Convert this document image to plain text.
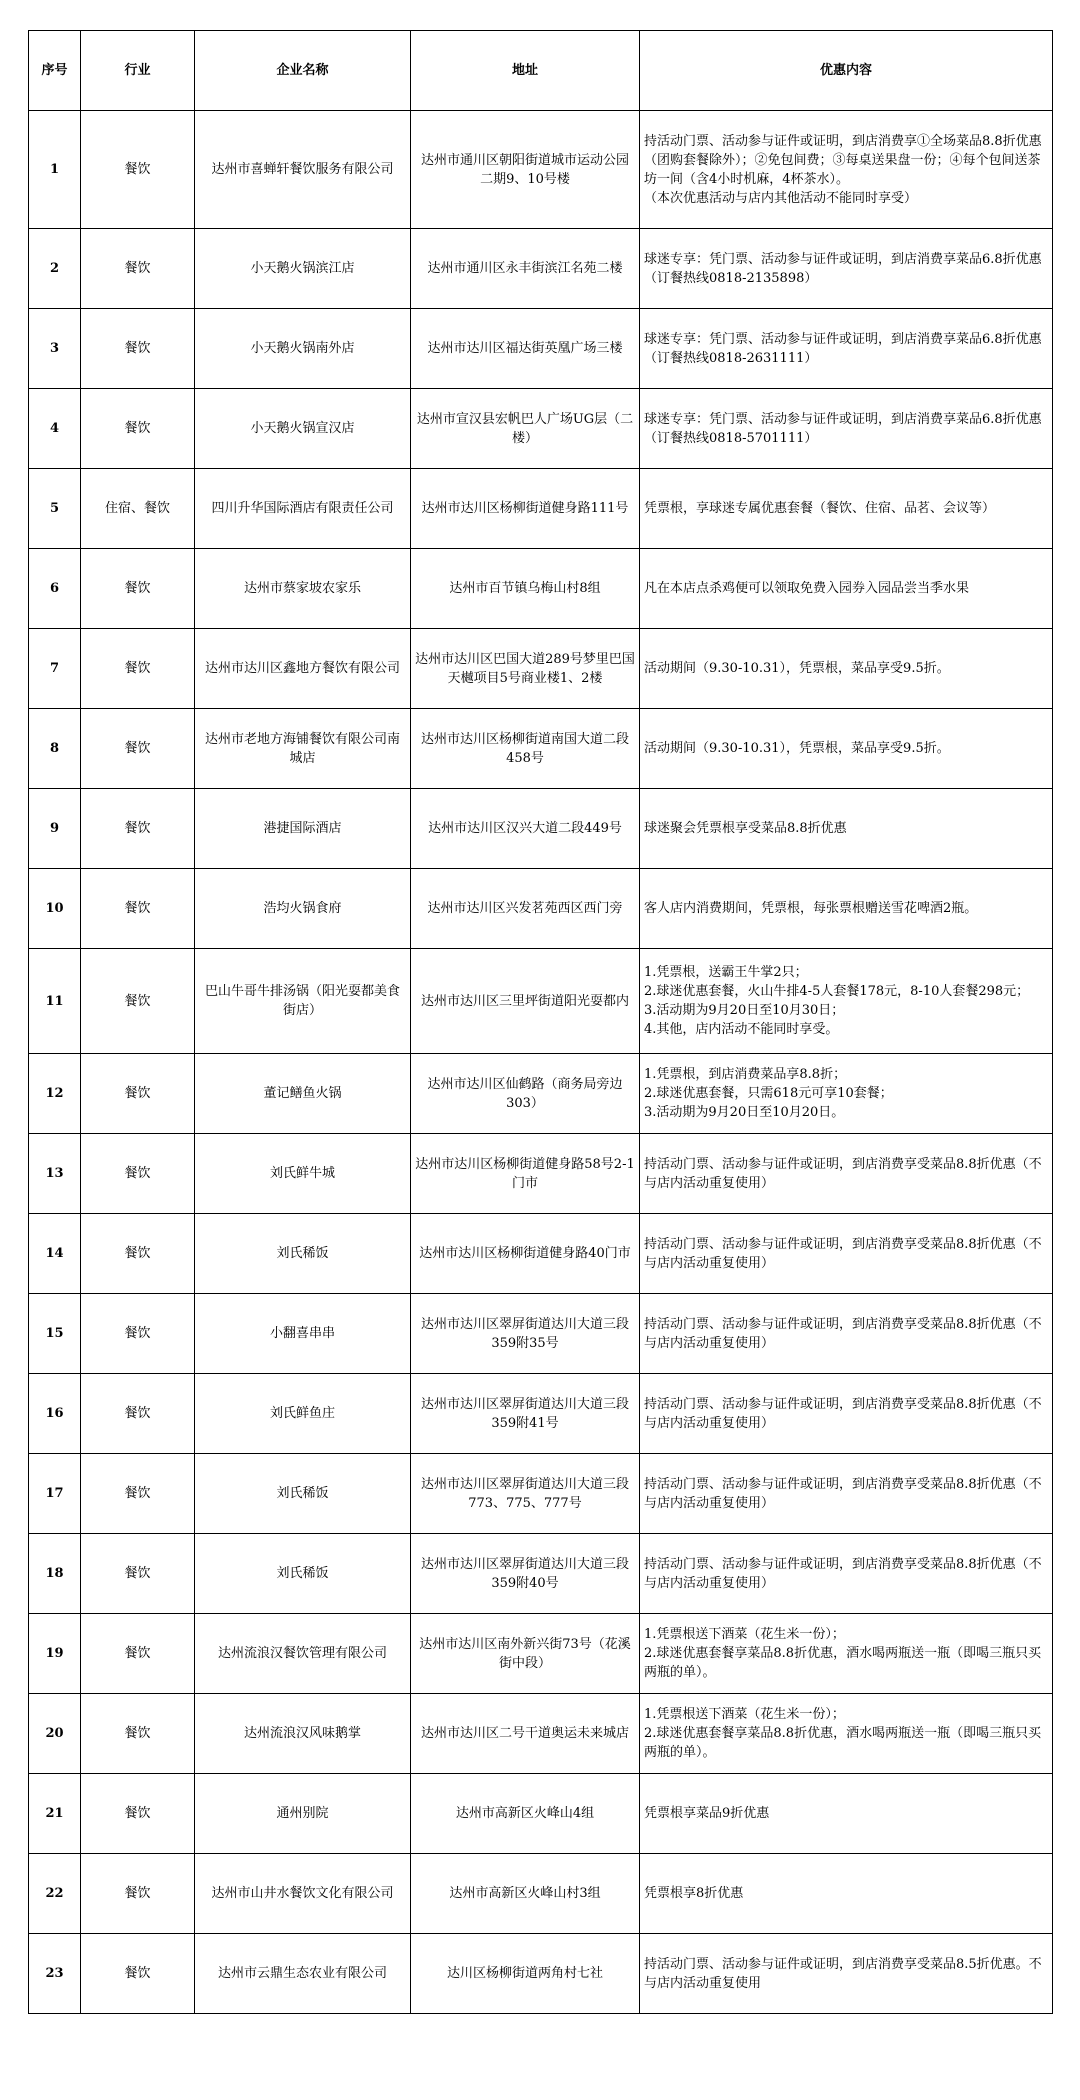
序号	行业	企业名称	地址	优惠内容
1	餐饮	达州市喜蝉轩餐饮服务有限公司	达州市通川区朝阳街道城市运动公园二期9、10号楼	持活动门票、活动参与证件或证明，到店消费享①全场菜品8.8折优惠（团购套餐除外）；②免包间费；③每桌送果盘一份；④每个包间送茶坊一间（含4小时机麻，4杯茶水）。
（本次优惠活动与店内其他活动不能同时享受）

2	餐饮	小天鹅火锅滨江店	达州市通川区永丰街滨江名苑二楼	球迷专享：凭门票、活动参与证件或证明，到店消费享菜品6.8折优惠
（订餐热线0818-2135898）

3	餐饮	小天鹅火锅南外店	达州市达川区福达街英凰广场三楼	球迷专享：凭门票、活动参与证件或证明，到店消费享菜品6.8折优惠
（订餐热线0818-2631111）

4	餐饮	小天鹅火锅宣汉店	达州市宣汉县宏帆巴人广场UG层（二楼）	球迷专享：凭门票、活动参与证件或证明，到店消费享菜品6.8折优惠
（订餐热线0818-5701111）

5	住宿、餐饮	四川升华国际酒店有限责任公司	达州市达川区杨柳街道健身路111号	凭票根，享球迷专属优惠套餐（餐饮、住宿、品茗、会议等）

6	餐饮	达州市蔡家坡农家乐	达州市百节镇乌梅山村8组	凡在本店点杀鸡便可以领取免费入园券入园品尝当季水果

7	餐饮	达州市达川区鑫地方餐饮有限公司	达州市达川区巴国大道289号梦里巴国天樾项目5号商业楼1、2楼	活动期间（9.30-10.31），凭票根，菜品享受9.5折。

8	餐饮	达州市老地方海铺餐饮有限公司南城店	达州市达川区杨柳街道南国大道二段458号	活动期间（9.30-10.31），凭票根，菜品享受9.5折。

9	餐饮	港捷国际酒店	达州市达川区汉兴大道二段449号	球迷聚会凭票根享受菜品8.8折优惠

10	餐饮	浩均火锅食府	达州市达川区兴发茗苑西区西门旁	客人店内消费期间，凭票根，每张票根赠送雪花啤酒2瓶。

11	餐饮	巴山牛哥牛排汤锅（阳光耍都美食街店）	达州市达川区三里坪街道阳光耍都内	1.凭票根，送霸王牛掌2只；
2.球迷优惠套餐，火山牛排4-5人套餐178元，8-10人套餐298元；
3.活动期为9月20日至10月30日；
4.其他，店内活动不能同时享受。

12	餐饮	董记鳝鱼火锅	达州市达川区仙鹤路（商务局旁边303）	1.凭票根，到店消费菜品享8.8折；
2.球迷优惠套餐，只需618元可享10套餐；
3.活动期为9月20日至10月20日。

13	餐饮	刘氏鲜牛城	达州市达川区杨柳街道健身路58号2-1门市	持活动门票、活动参与证件或证明，到店消费享受菜品8.8折优惠（不与店内活动重复使用）

14	餐饮	刘氏稀饭	达州市达川区杨柳街道健身路40门市	持活动门票、活动参与证件或证明，到店消费享受菜品8.8折优惠（不与店内活动重复使用）

15	餐饮	小翻喜串串	达州市达川区翠屏街道达川大道三段359附35号	持活动门票、活动参与证件或证明，到店消费享受菜品8.8折优惠（不与店内活动重复使用）

16	餐饮	刘氏鲜鱼庄	达州市达川区翠屏街道达川大道三段359附41号	持活动门票、活动参与证件或证明，到店消费享受菜品8.8折优惠（不与店内活动重复使用）

17	餐饮	刘氏稀饭	达州市达川区翠屏街道达川大道三段773、775、777号	持活动门票、活动参与证件或证明，到店消费享受菜品8.8折优惠（不与店内活动重复使用）

18	餐饮	刘氏稀饭	达州市达川区翠屏街道达川大道三段359附40号	持活动门票、活动参与证件或证明，到店消费享受菜品8.8折优惠（不与店内活动重复使用）

19	餐饮	达州流浪汉餐饮管理有限公司	达州市达川区南外新兴街73号（花溪街中段）	1.凭票根送下酒菜（花生米一份）；
2.球迷优惠套餐享菜品8.8折优惠，酒水喝两瓶送一瓶（即喝三瓶只买两瓶的单）。

20	餐饮	达州流浪汉风味鹅掌	达州市达川区二号干道奥运未来城店	1.凭票根送下酒菜（花生米一份）；
2.球迷优惠套餐享菜品8.8折优惠，酒水喝两瓶送一瓶（即喝三瓶只买两瓶的单）。

21	餐饮	通州别院	达州市高新区火峰山4组	凭票根享菜品9折优惠

22	餐饮	达州市山井水餐饮文化有限公司	达州市高新区火峰山村3组	凭票根享8折优惠

23	餐饮	达州市云鼎生态农业有限公司	达川区杨柳街道两角村七社	持活动门票、活动参与证件或证明，到店消费享受菜品8.5折优惠。不与店内活动重复使用
